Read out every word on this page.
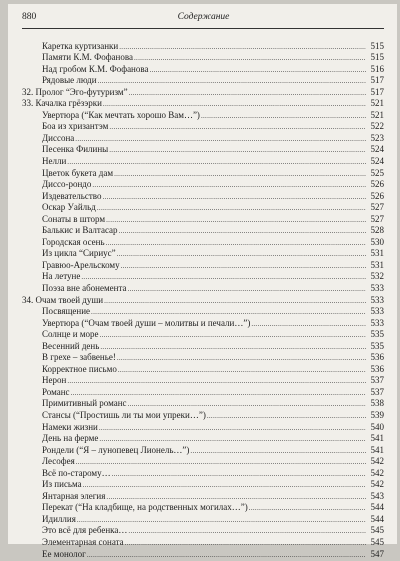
880	Содержание
Каретка куртизанки .....	515
Памяти К.М. Фофанова .....	515
Над гробом К.М. Фофанова .....	516
Рядовые люди .....	517
32. Пролог “Эго-футуризм” .....	517
33. Качалка грёзэрки .....	521
Увертюра (“Как мечтать хорошо Вам…”) .....	521
Боа из хризантэм .....	522
Диссона .....	523
Песенка Филины .....	524
Нелли .....	524
Цветок букета дам .....	525
Диссо-рондо .....	526
Издевательство .....	526
Оскар Уайльд .....	527
Сонаты в шторм .....	527
Балькис и Валтасар .....	528
Городская осень .....	530
Из цикла “Сириус” .....	531
Гравюо-Арельскому .....	531
На летуне .....	532
Поэза вне абонемента .....	533
34. Очам твоей души .....	533
Посвящение .....	533
Увертюра (“Очам твоей души – молитвы и печали…”) .....	533
Солнце и море .....	535
Весенний день .....	535
В грехе – забвенье! .....	536
Корректное письмо .....	536
Нерон .....	537
Романс .....	537
Примитивный романс .....	538
Стансы (“Простишь ли ты мои упреки…”) .....	539
Намеки жизни .....	540
День на ферме .....	541
Рондели (“Я – лунопевец Лионель…”) .....	541
Лесофея .....	542
Всё по-старому… .....	542
Из письма .....	542
Янтарная элегия .....	543
Перекат (“На кладбище, на родственных могилах…”) .....	544
Идиллия .....	544
Это всё для ребенка… .....	545
Элементарная соната .....	545
Ее монолог .....	547
